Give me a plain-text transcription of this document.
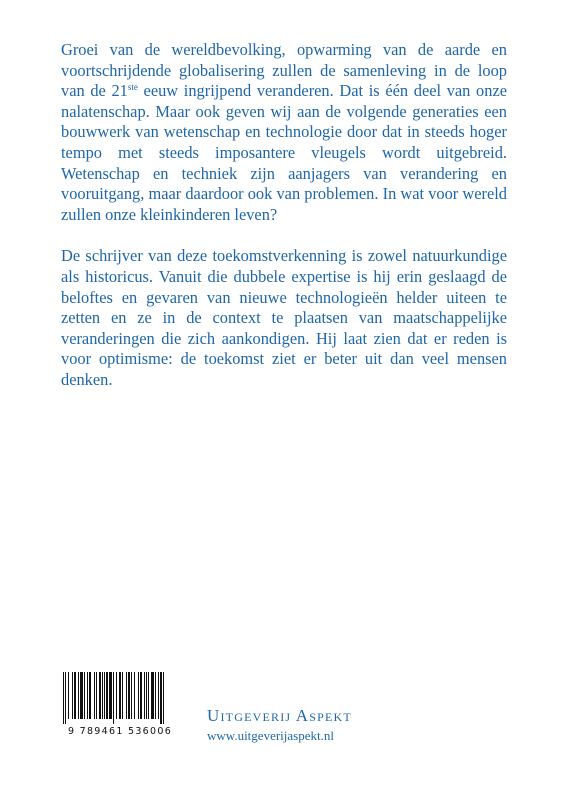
Groei van de wereldbevolking, opwarming van de aarde en voortschrijdende globalisering zullen de samenleving in de loop van de 21ste eeuw ingrijpend veranderen. Dat is één deel van onze nalatenschap. Maar ook geven wij aan de volgende generaties een bouwwerk van wetenschap en technologie door dat in steeds hoger tempo met steeds imposantere vleugels wordt uitgebreid. Wetenschap en techniek zijn aanjagers van verandering en vooruitgang, maar daardoor ook van problemen. In wat voor wereld zullen onze kleinkinderen leven?

De schrijver van deze toekomstverkenning is zowel natuurkundige als historicus. Vanuit die dubbele expertise is hij erin geslaagd de beloftes en gevaren van nieuwe technologieën helder uiteen te zetten en ze in de context te plaatsen van maatschappelijke veranderingen die zich aankondigen. Hij laat zien dat er reden is voor optimisme: de toekomst ziet er beter uit dan veel mensen denken.

9 789461 536006
Uitgeverij Aspekt
www.uitgeverijaspekt.nl
